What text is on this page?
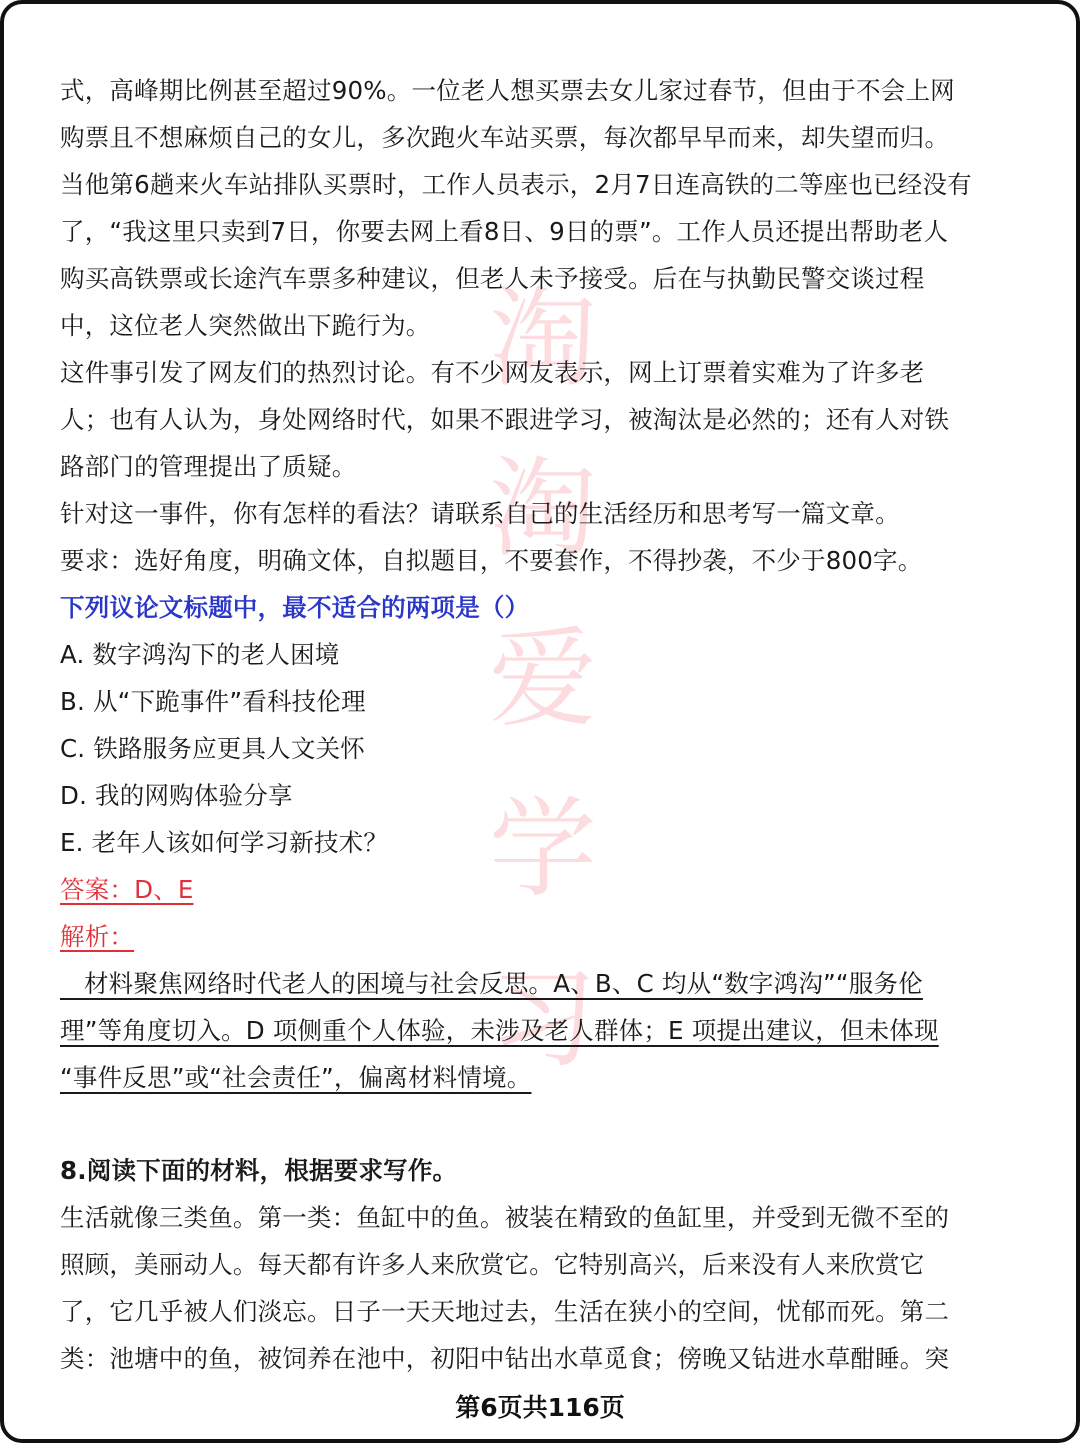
淘
淘
爱
学
习
式，高峰期比例甚至超过90%。一位老人想买票去女儿家过春节，但由于不会上网
购票且不想麻烦自己的女儿，多次跑火车站买票，每次都早早而来，却失望而归。
当他第6趟来火车站排队买票时，工作人员表示，2月7日连高铁的二等座也已经没有
了，“我这里只卖到7日，你要去网上看8日、9日的票”。工作人员还提出帮助老人
购买高铁票或长途汽车票多种建议，但老人未予接受。后在与执勤民警交谈过程
中，这位老人突然做出下跪行为。
这件事引发了网友们的热烈讨论。有不少网友表示，网上订票着实难为了许多老
人；也有人认为，身处网络时代，如果不跟进学习，被淘汰是必然的；还有人对铁
路部门的管理提出了质疑。
针对这一事件，你有怎样的看法？请联系自己的生活经历和思考写一篇文章。
要求：选好角度，明确文体，自拟题目，不要套作，不得抄袭，不少于800字。
下列议论文标题中，最不适合的两项是（）
A. 数字鸿沟下的老人困境
B. 从“下跪事件”看科技伦理
C. 铁路服务应更具人文关怀
D. 我的网购体验分享
E. 老年人该如何学习新技术？
答案：D、E
解析：
材料聚焦网络时代老人的困境与社会反思。A、B、C 均从“数字鸿沟”“服务伦
理”等角度切入。D 项侧重个人体验，未涉及老人群体；E 项提出建议，但未体现
“事件反思”或“社会责任”，偏离材料情境。
8.阅读下面的材料，根据要求写作。
生活就像三类鱼。第一类：鱼缸中的鱼。被装在精致的鱼缸里，并受到无微不至的
照顾，美丽动人。每天都有许多人来欣赏它。它特别高兴，后来没有人来欣赏它
了，它几乎被人们淡忘。日子一天天地过去，生活在狭小的空间，忧郁而死。第二
类：池塘中的鱼，被饲养在池中，初阳中钻出水草觅食；傍晚又钻进水草酣睡。突
第6页共116页
